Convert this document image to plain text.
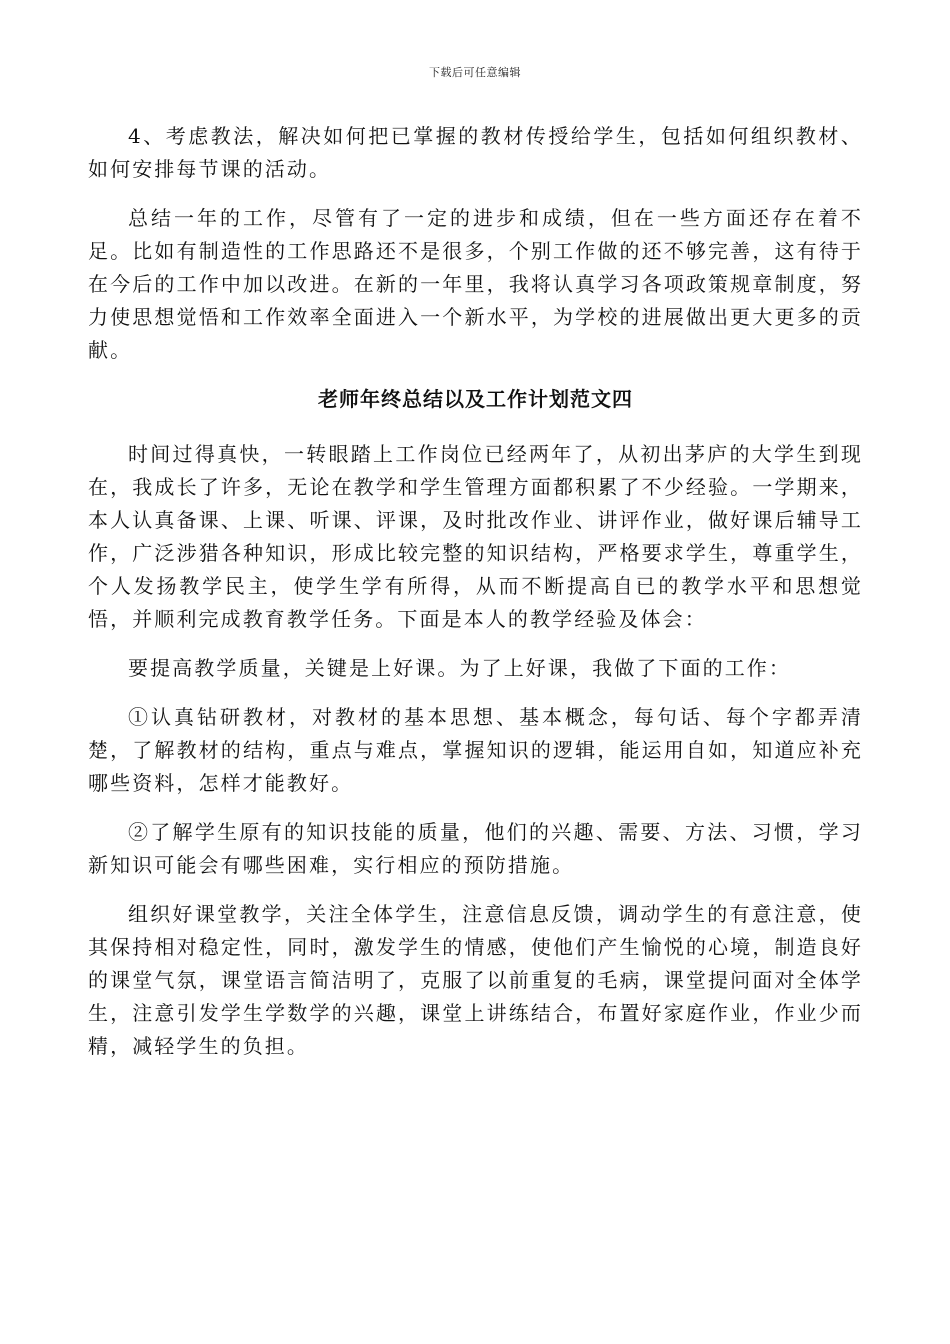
下载后可任意编辑

4、考虑教法，解决如何把已掌握的教材传授给学生，包括如何组织教材、如何安排每节课的活动。

总结一年的工作，尽管有了一定的进步和成绩，但在一些方面还存在着不足。比如有制造性的工作思路还不是很多，个别工作做的还不够完善，这有待于在今后的工作中加以改进。在新的一年里，我将认真学习各项政策规章制度，努力使思想觉悟和工作效率全面进入一个新水平，为学校的进展做出更大更多的贡献。

老师年终总结以及工作计划范文四

时间过得真快，一转眼踏上工作岗位已经两年了，从初出茅庐的大学生到现在，我成长了许多，无论在教学和学生管理方面都积累了不少经验。一学期来，本人认真备课、上课、听课、评课，及时批改作业、讲评作业，做好课后辅导工作，广泛涉猎各种知识，形成比较完整的知识结构，严格要求学生，尊重学生，个人发扬教学民主，使学生学有所得，从而不断提高自已的教学水平和思想觉悟，并顺利完成教育教学任务。下面是本人的教学经验及体会：

要提高教学质量，关键是上好课。为了上好课，我做了下面的工作：

①认真钻研教材，对教材的基本思想、基本概念，每句话、每个字都弄清楚，了解教材的结构，重点与难点，掌握知识的逻辑，能运用自如，知道应补充哪些资料，怎样才能教好。

②了解学生原有的知识技能的质量，他们的兴趣、需要、方法、习惯，学习新知识可能会有哪些困难，实行相应的预防措施。

组织好课堂教学，关注全体学生，注意信息反馈，调动学生的有意注意，使其保持相对稳定性，同时，激发学生的情感，使他们产生愉悦的心境，制造良好的课堂气氛，课堂语言简洁明了，克服了以前重复的毛病，课堂提问面对全体学生，注意引发学生学数学的兴趣，课堂上讲练结合，布置好家庭作业，作业少而精，减轻学生的负担。
